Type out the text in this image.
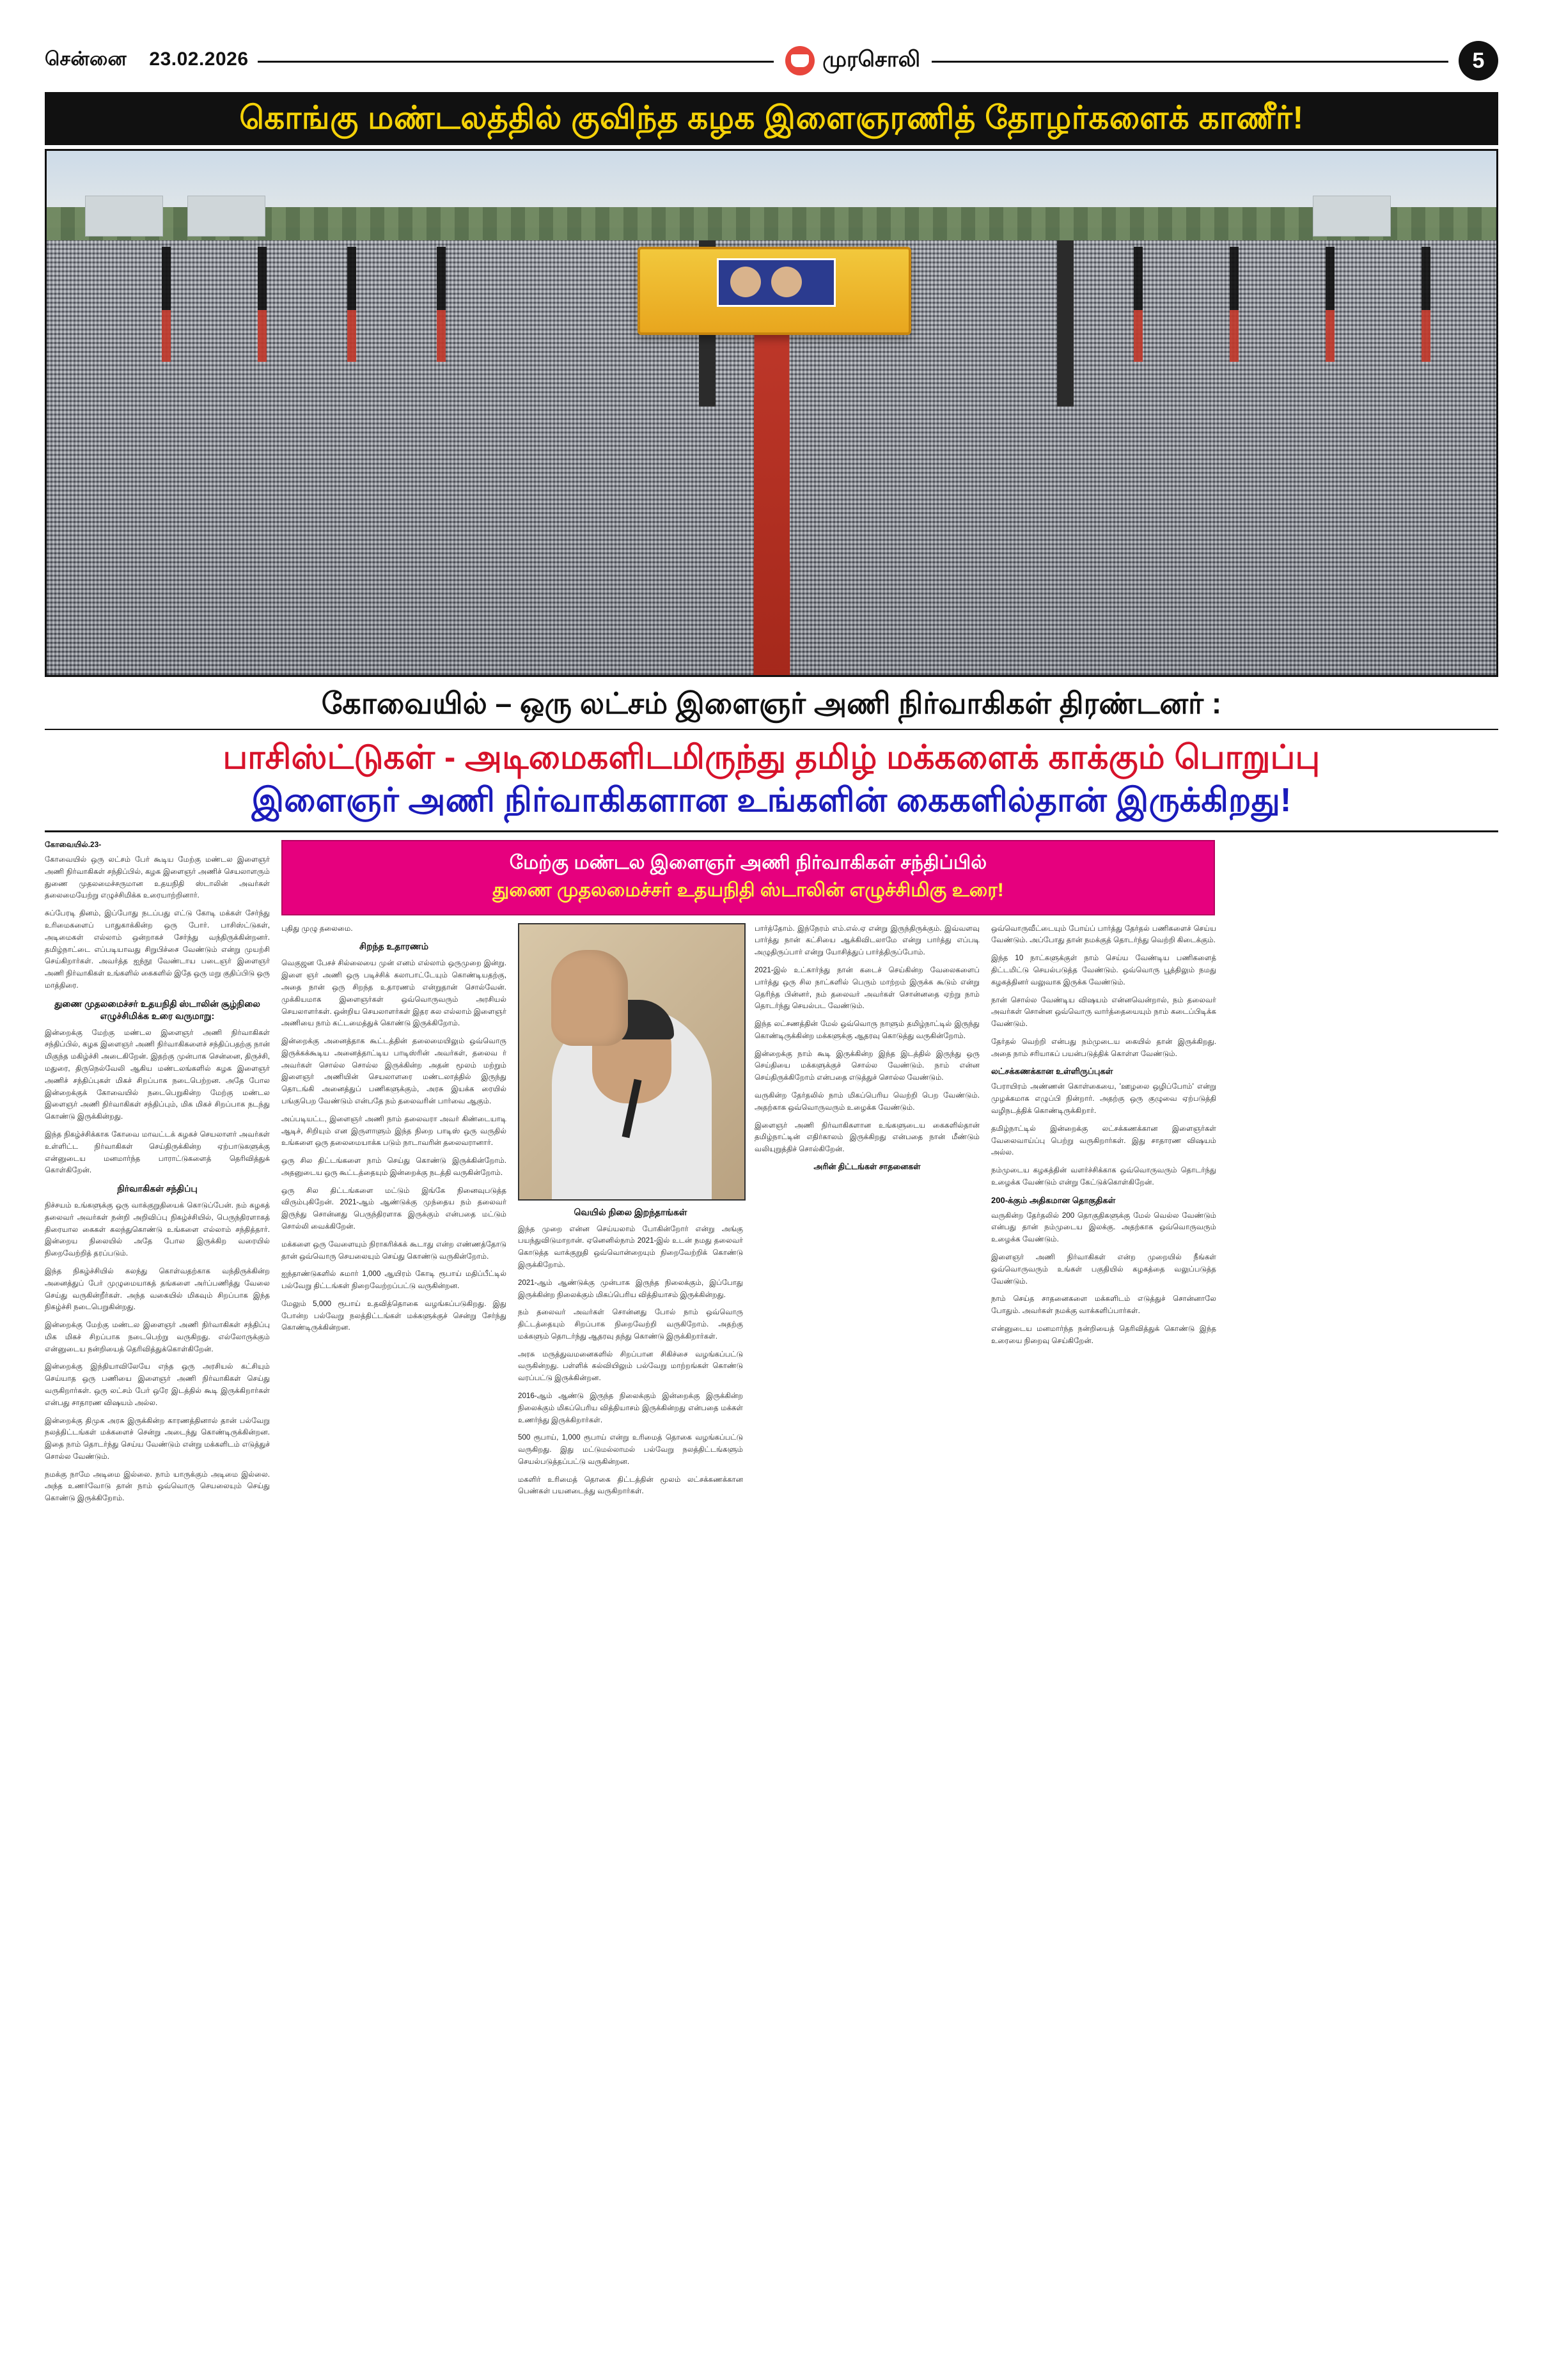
சென்னை 23.02.2026	முரசொலி	5
கொங்கு மண்டலத்தில் குவிந்த கழக இளைஞரணித் தோழர்களைக் காணீர்!
கோவையில் – ஒரு லட்சம் இளைஞர் அணி நிர்வாகிகள் திரண்டனர் :
பாசிஸ்ட்டுகள் - அடிமைகளிடமிருந்து தமிழ் மக்களைக் காக்கும் பொறுப்பு
இளைஞர் அணி நிர்வாகிகளான உங்களின் கைகளில்தான் இருக்கிறது!
கோவையில்.23-

கோவையில் ஒரு லட்சம் பேர் கூடிய மேற்கு மண்டல இளைஞர் அணி நிர்வாகிகள் சந்திப்பில், கழக இளைஞர் அணிச் செயலாளரும் துணை முதலமைச்சருமான உதயநிதி ஸ்டாலின் அவர்கள் தலைமையேற்று எழுச்சிமிக்க உரையாற்றினார்.

சுப்பேரடி தினம், இப்போது நடப்பது எட்டு கோடி மக்கள் சேர்ந்து உரிமைகளைப் பாதுகாக்கின்ற ஒரு போர். பாசிஸ்ட்டுகள், அடிமைகள் எல்லாம் ஒன்றாகச் சேர்ந்து வந்திருக்கின்றனர். தமிழ்நாட்டை எப்படியாவது சிறுபிச்சை வேண்டும் என்று முயற்சி செய்கிறார்கள். அவர்த்த ஐந்நூ வேண்டாய படைஞர் இளைஞர் அணி நிர்வாகிகள் உங்களில் கைகளில் இதே ஒரு மறு குதிப்பிடு ஒரு மாத்திரை.

துணை முதலமைச்சர் உதயநிதி ஸ்டாலின் சூழ்நிலை எழுச்சிமிக்க உரை வருமாறு:

இன்றைக்கு மேற்கு மண்டல இளைஞர் அணி நிர்வாகிகள் சந்திப்பில், கழக இளைஞர் அணி நிர்வாகிகளைச் சந்திப்பதற்கு நான் மிகுந்த மகிழ்ச்சி அடைகிறேன். இதற்கு முன்பாக சென்னை, திருச்சி, மதுரை, திருநெல்வேலி ஆகிய மண்டலங்களில் கழக இளைஞர் அணிச் சந்திப்புகள் மிகச் சிறப்பாக நடைபெற்றன. அதே போல இன்றைக்குக் கோவையில் நடைபெறுகின்ற மேற்கு மண்டல இளைஞர் அணி நிர்வாகிகள் சந்திப்பும், மிக மிகச் சிறப்பாக நடந்து கொண்டு இருக்கின்றது.

இந்த நிகழ்ச்சிக்காக கோவை மாவட்டக் கழகச் செயலாளர் அவர்கள் உள்ளிட்ட நிர்வாகிகள் செய்திருக்கின்ற ஏற்பாடுகளுக்கு என்னுடைய மனமார்ந்த பாராட்டுகளைத் தெரிவித்துக் கொள்கிறேன்.

நிர்வாகிகள் சந்திப்பு

நிச்சயம் உங்களுக்கு ஒரு வாக்குறுதியைக் கொடுப்பேன். நம் கழகத் தலைவர் அவர்கள் நன்றி அறிவிப்பு நிகழ்ச்சியில், பெருந்திரளாகத் திரையால கைகள் கலந்துகொண்டு உங்களை எல்லாம் சந்தித்தார். இன்றைய நிலையில் அதே போல இருக்கிற வரையில் நிறைவேற்றித் தரப்படும்.

இந்த நிகழ்ச்சியில் கலந்து கொள்வதற்காக வந்திருக்கின்ற அனைத்துப் பேர் முழுமையாகத் தங்களை அர்ப்பணித்து வேலை செய்து வருகின்றீர்கள். அந்த வகையில் மிகவும் சிறப்பாக இந்த நிகழ்ச்சி நடைபெறுகின்றது.

இன்றைக்கு மேற்கு மண்டல இளைஞர் அணி நிர்வாகிகள் சந்திப்பு மிக மிகச் சிறப்பாக நடைபெற்று வருகிறது. எல்லோருக்கும் என்னுடைய நன்றியைத் தெரிவித்துக்கொள்கிறேன்.

இன்றைக்கு இந்தியாவிலேயே எந்த ஒரு அரசியல் கட்சியும் செய்யாத ஒரு பணியை இளைஞர் அணி நிர்வாகிகள் செய்து வருகிறார்கள். ஒரு லட்சம் பேர் ஒரே இடத்தில் கூடி இருக்கிறார்கள் என்பது சாதாரண விஷயம் அல்ல.

இன்றைக்கு திமுக அரசு இருக்கின்ற காரணத்தினால் தான் பல்வேறு நலத்திட்டங்கள் மக்களைச் சென்று அடைந்து கொண்டிருக்கின்றன. இதை நாம் தொடர்ந்து செய்ய வேண்டும் என்று மக்களிடம் எடுத்துச் சொல்ல வேண்டும்.

நமக்கு நாமே அடிமை இல்லை. நாம் யாருக்கும் அடிமை இல்லை. அந்த உணர்வோடு தான் நாம் ஒவ்வொரு செயலையும் செய்து கொண்டு இருக்கிறோம்.

மேற்கு மண்டல இளைஞர் அணி நிர்வாகிகள் சந்திப்பில்
துணை முதலமைச்சர் உதயநிதி ஸ்டாலின் எழுச்சிமிகு உரை!

புதிது முழு தலைமை.

சிறந்த உதாரணம்

வெகுஜன பேசச் சில்லையை முன் எனம் எல்லாம் ஒருமுறை இன்று. இளை ஞர் அணி ஒரு படிச்சிக் கலாபாட்டேயும் கொண்டியதற்கு, அதை நான் ஒரு சிறந்த உதாரணம் என்றுதான் சொல்வேன். முக்கியமாக இளைஞர்கள் ஒவ்வொருவரும் அரசியல் செயலாளர்கள். ஒன்றிய செயலாளர்கள் இதர கல எல்லாம் இளைஞர் அணியை நாம் கட்டமைத்துக் கொண்டு இருக்கிறோம்.

இன்றைக்கு அனைத்தாக கூட்டத்தின் தலைமையிலும் ஒவ்வொரு இருக்கக்கூடிய அனைத்தாட்டிய பாடிஸ்ரின் அவர்கள், தலைவ ர் அவர்கள் சொல்ல சொல்ல இருக்கின்ற அதன் மூலம் மற்றும் இளைஞர் அணியின் செயலாளரை மண்டலாத்தில் இருந்து தொடங்கி அனைத்துப் பணிகளுக்கும், அரசு இயக்க ரையில் பங்குபெற வேண்டும் என்பதே நம் தலைவரின் பார்வை ஆகும்.

அப்படியட்ட, இளைஞர் அணி நாம் தலைவரா அவர் கிண்டையாடி ஆடிச், சிறியும் என இருளாளும் இந்த நிறை பாடிஸ் ஒரு வருதில் உங்களை ஒரு தலைமையாக்க படும் நாடாவரின் தலைவரானார்.

ஒரு சில திட்டங்களை நாம் செய்து கொண்டு இருக்கின்றோம். அதனுடைய ஒரு கூட்டத்தையும் இன்றைக்கு நடத்தி வருகின்றோம்.

ஒரு சில திட்டங்களை மட்டும் இங்கே நினைவுபடுத்த விரும்புகிறேன். 2021-ஆம் ஆண்டுக்கு முந்தைய நம் தலைவர் இருந்து சொன்னது பெருந்திரளாக இருக்கும் என்பதை மட்டும் சொல்லி வைக்கிறேன்.

மக்களை ஒரு வேளையும் நிராகரிக்கக் கூடாது என்ற எண்ணத்தோடு தான் ஒவ்வொரு செயலையும் செய்து கொண்டு வருகின்றோம்.

ஐந்தாண்டுகளில் சுமார் 1,000 ஆயிரம் கோடி ரூபாய் மதிப்பீட்டில் பல்வேறு திட்டங்கள் நிறைவேற்றப்பட்டு வருகின்றன.

மேலும் 5,000 ரூபாய் உதவித்தொகை வழங்கப்படுகிறது. இது போன்ற பல்வேறு நலத்திட்டங்கள் மக்களுக்குச் சென்று சேர்ந்து கொண்டிருக்கின்றன.

வெயில் நிலை இறந்தாங்கள்

இந்த முறை என்ன செய்யலாம் போகின்றோர் என்று அங்கு பயந்துவிடுமாறான். ஏனெனில்நாம் 2021-இல் உடன் நமது தலைவர் கொடுத்த வாக்குறுதி ஒவ்வொன்றையும் நிறைவேற்றிக் கொண்டு இருக்கிறோம்.

2021-ஆம் ஆண்டுக்கு முன்பாக இருந்த நிலைக்கும், இப்போது இருக்கின்ற நிலைக்கும் மிகப்பெரிய வித்தியாசம் இருக்கின்றது.

நம் தலைவர் அவர்கள் சொன்னது போல் நாம் ஒவ்வொரு திட்டத்தையும் சிறப்பாக நிறைவேற்றி வருகிறோம். அதற்கு மக்களும் தொடர்ந்து ஆதரவு தந்து கொண்டு இருக்கிறார்கள்.

அரசு மருத்துவமனைகளில் சிறப்பான சிகிச்சை வழங்கப்பட்டு வருகின்றது. பள்ளிக் கல்வியிலும் பல்வேறு மாற்றங்கள் கொண்டு வரப்பட்டு இருக்கின்றன.

2016-ஆம் ஆண்டு இருந்த நிலைக்கும் இன்றைக்கு இருக்கின்ற நிலைக்கும் மிகப்பெரிய வித்தியாசம் இருக்கின்றது என்பதை மக்கள் உணர்ந்து இருக்கிறார்கள்.

500 ரூபாய், 1,000 ரூபாய் என்று உரிமைத் தொகை வழங்கப்பட்டு வருகிறது. இது மட்டுமல்லாமல் பல்வேறு நலத்திட்டங்களும் செயல்படுத்தப்பட்டு வருகின்றன.

மகளிர் உரிமைத் தொகை திட்டத்தின் மூலம் லட்சக்கணக்கான பெண்கள் பயனடைந்து வருகிறார்கள்.

பார்த்தோம். இந்நேரம் எம்.எல்.ஏ என்று இருந்திருக்கும். இவ்வளவு பார்த்து நான் கட்சியை ஆக்கிவிடலாமே என்று பார்த்து எப்படி அழுதிருப்பார் என்று யோசித்துப் பார்த்திருப்போம்.

2021-இல் உட்கார்ந்து நான் கடைச் செய்கின்ற வேலைகளைப் பார்த்து ஒரு சில நாட்களில் பெரும் மாற்றம் இருக்க கூடும் என்று தெரிந்த பின்னர், நம் தலைவர் அவர்கள் சொன்னதை ஏற்று நாம் தொடர்ந்து செயல்பட வேண்டும்.

இந்த லட்சணத்தின் மேல் ஒவ்வொரு நாளும் தமிழ்நாட்டில் இருந்து கொண்டிருக்கின்ற மக்களுக்கு ஆதரவு கொடுத்து வருகின்றோம்.

இன்றைக்கு நாம் கூடி இருக்கின்ற இந்த இடத்தில் இருந்து ஒரு செய்தியை மக்களுக்குச் சொல்ல வேண்டும். நாம் என்ன செய்திருக்கிறோம் என்பதை எடுத்துச் சொல்ல வேண்டும்.

வருகின்ற தேர்தலில் நாம் மிகப்பெரிய வெற்றி பெற வேண்டும். அதற்காக ஒவ்வொருவரும் உழைக்க வேண்டும்.

இளைஞர் அணி நிர்வாகிகளான உங்களுடைய கைகளில்தான் தமிழ்நாட்டின் எதிர்காலம் இருக்கிறது என்பதை நான் மீண்டும் வலியுறுத்திச் சொல்கிறேன்.

அரின் திட்டங்கள் சாதனைகள்

ஒவ்வொருவீட்டையும் போய்ப் பார்த்து தேர்தல் பணிகளைச் செய்ய வேண்டும். அப்போது தான் நமக்குத் தொடர்ந்து வெற்றி கிடைக்கும்.

இந்த 10 நாட்களுக்குள் நாம் செய்ய வேண்டிய பணிகளைத் திட்டமிட்டு செயல்படுத்த வேண்டும். ஒவ்வொரு பூத்திலும் நமது கழகத்தினர் வலுவாக இருக்க வேண்டும்.

நான் சொல்ல வேண்டிய விஷயம் என்னவென்றால், நம் தலைவர் அவர்கள் சொன்ன ஒவ்வொரு வார்த்தையையும் நாம் கடைப்பிடிக்க வேண்டும்.

தேர்தல் வெற்றி என்பது நம்முடைய கையில் தான் இருக்கிறது. அதை நாம் சரியாகப் பயன்படுத்திக் கொள்ள வேண்டும்.

லட்சக்கணக்கான உள்ளிருப்புகள்

பேராயிரம் அண்ணன் கொள்கையை, 'ஊழலை ஒழிப்போம்' என்று முழக்கமாக எழுப்பி நின்றார். அதற்கு ஒரு குழுவை ஏற்படுத்தி வழிநடத்திக் கொண்டிருக்கிறார்.

தமிழ்நாட்டில் இன்றைக்கு லட்சக்கணக்கான இளைஞர்கள் வேலைவாய்ப்பு பெற்று வருகிறார்கள். இது சாதாரண விஷயம் அல்ல.

நம்முடைய கழகத்தின் வளர்ச்சிக்காக ஒவ்வொருவரும் தொடர்ந்து உழைக்க வேண்டும் என்று கேட்டுக்கொள்கிறேன்.

200-க்கும் அதிகமான தொகுதிகள்

வருகின்ற தேர்தலில் 200 தொகுதிகளுக்கு மேல் வெல்ல வேண்டும் என்பது தான் நம்முடைய இலக்கு. அதற்காக ஒவ்வொருவரும் உழைக்க வேண்டும்.

இளைஞர் அணி நிர்வாகிகள் என்ற முறையில் நீங்கள் ஒவ்வொருவரும் உங்கள் பகுதியில் கழகத்தை வலுப்படுத்த வேண்டும்.

நாம் செய்த சாதனைகளை மக்களிடம் எடுத்துச் சொன்னாலே போதும். அவர்கள் நமக்கு வாக்களிப்பார்கள்.

என்னுடைய மனமார்ந்த நன்றியைத் தெரிவித்துக் கொண்டு இந்த உரையை நிறைவு செய்கிறேன்.
